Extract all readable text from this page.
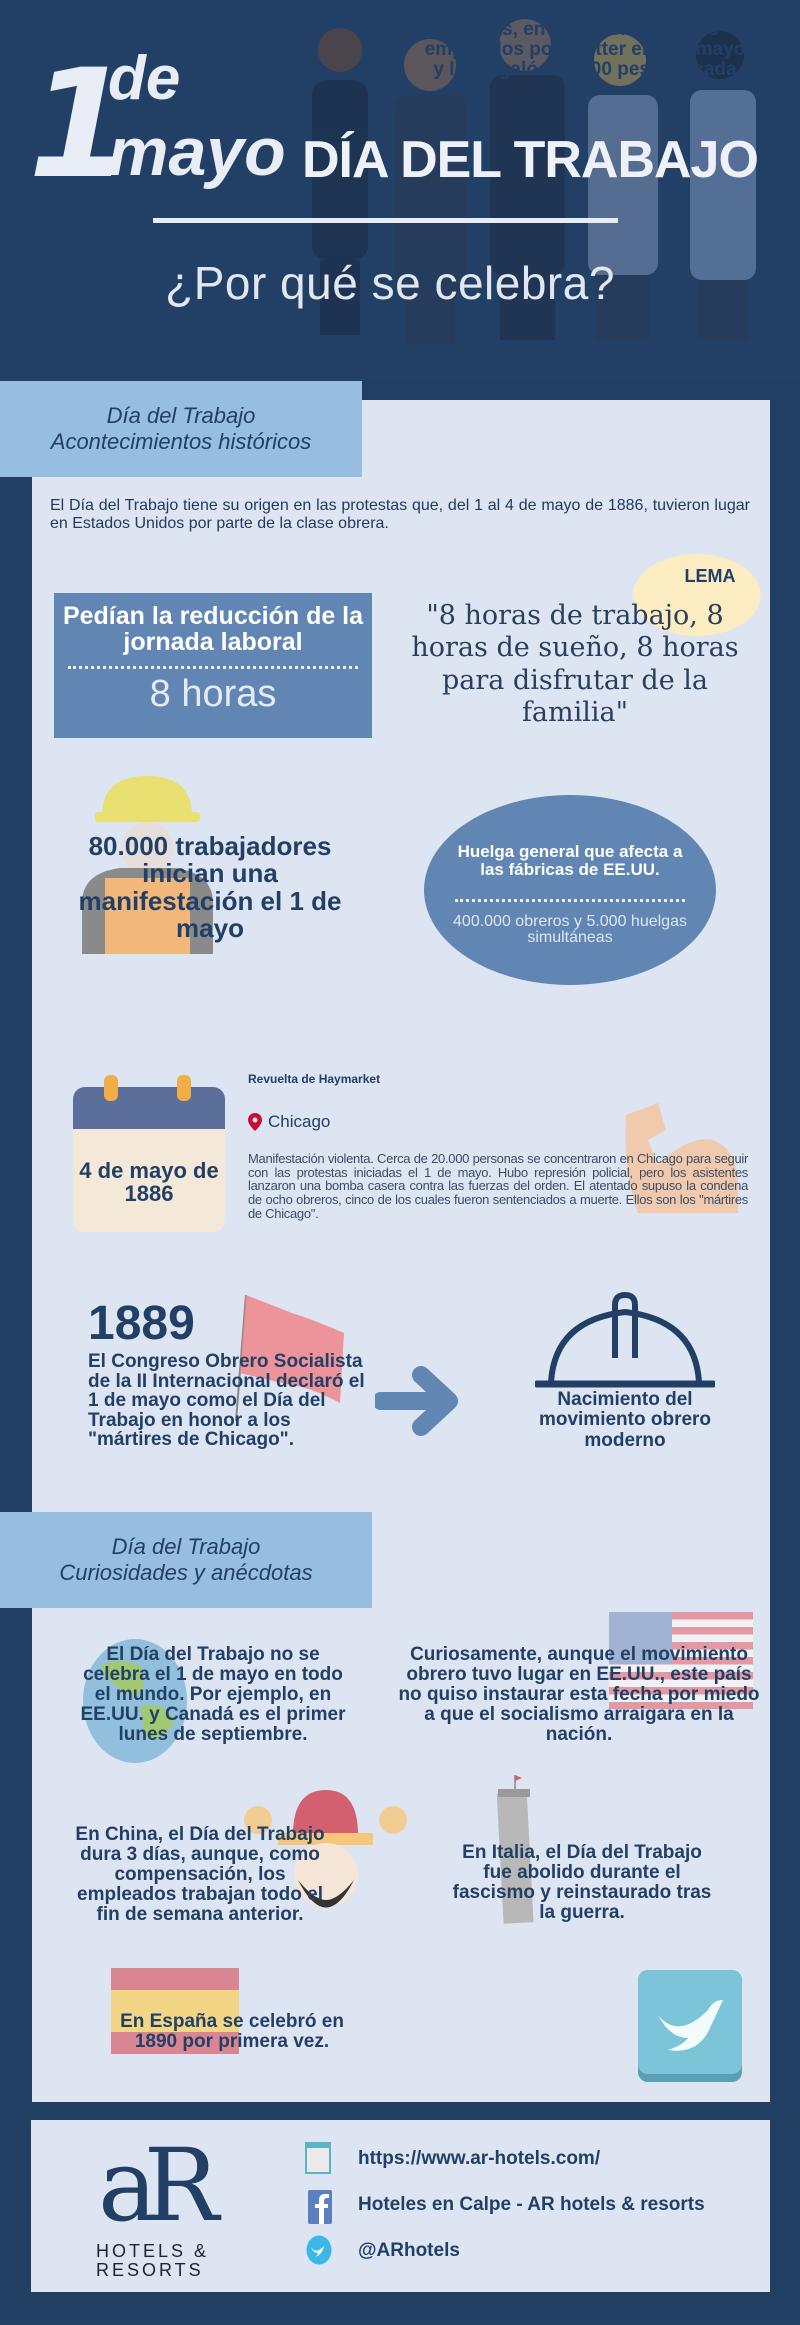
1
de
mayo DÍA DEL TRABAJO
¿Por qué se celebra?
Día del Trabajo
Acontecimientos históricos
El Día del Trabajo tiene su origen en las protestas que, del 1 al 4 de mayo de 1886, tuvieron lugar en Estados Unidos por parte de la clase obrera.
Pedían la reducción de la jornada laboral
8 horas
LEMA
"8 horas de trabajo, 8 horas de sueño, 8 horas para disfrutar de la familia"
80.000 trabajadores inician una manifestación el 1 de mayo
Huelga general que afecta a las fábricas de EE.UU.
400.000 obreros y 5.000 huelgas simultáneas
4 de mayo de 1886
Revuelta de Haymarket
Chicago
Manifestación violenta. Cerca de 20.000 personas se concentraron en Chicago para seguir con las protestas iniciadas el 1 de mayo. Hubo represión policial, pero los asistentes lanzaron una bomba casera contra las fuerzas del orden. El atentado supuso la condena de ocho obreros, cinco de los cuales fueron sentenciados a muerte. Ellos son los "mártires de Chicago".
1889
El Congreso Obrero Socialista de la II Internacional declaró el 1 de mayo como el Día del Trabajo en honor a los "mártires de Chicago".
Nacimiento del movimiento obrero moderno
Día del Trabajo
Curiosidades y anécdotas
El Día del Trabajo no se celebra el 1 de mayo en todo el mundo. Por ejemplo, en EE.UU. y Canadá es el primer lunes de septiembre.
Curiosamente, aunque el movimiento obrero tuvo lugar en EE.UU., este país no quiso instaurar esta fecha por miedo a que el socialismo arraigara en la nación.
En China, el Día del Trabajo dura 3 días, aunque, como compensación, los empleados trabajan todo el fin de semana anterior.
En Italia, el Día del Trabajo fue abolido durante el fascismo y reinstaurado tras la guerra.
En España se celebró en 1890 por primera vez.
El empresario chileno Leonardo Farkas, en 2012, felicitó a sus empleados por Twitter el 1 de mayo y les regaló 100.000 pesos a cada uno.
aR
HOTELS &
RESORTS
https://www.ar-hotels.com/
Hoteles en Calpe - AR hotels & resorts
@ARhotels
